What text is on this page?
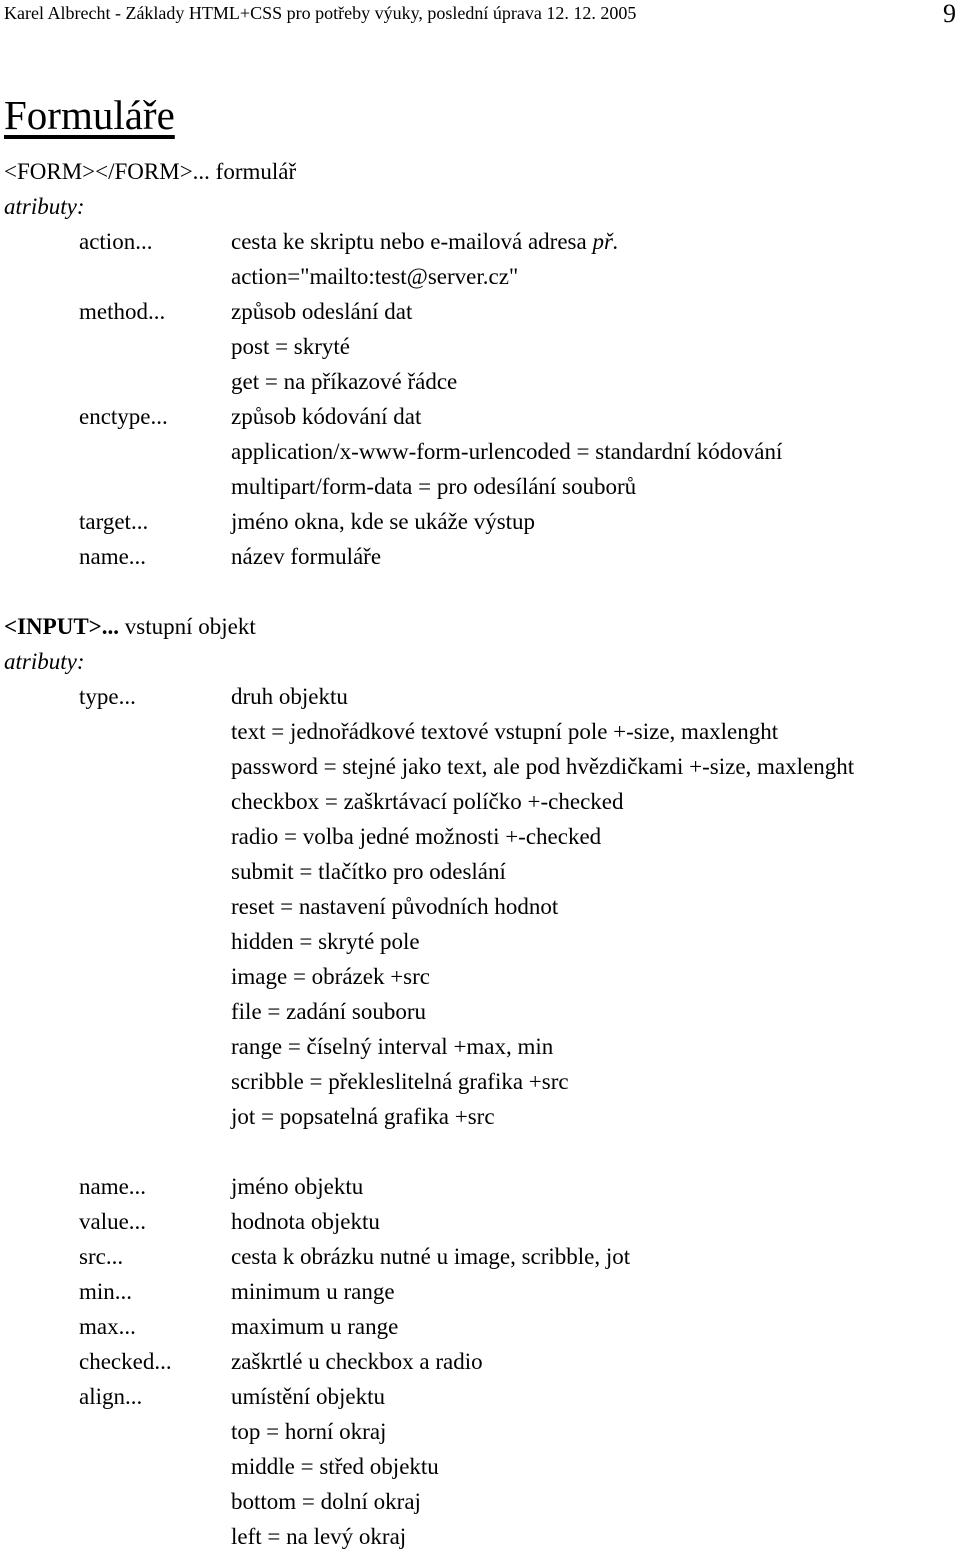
Karel Albrecht - Základy HTML+CSS pro potřeby výuky, poslední úprava 12. 12. 2005	9
Formuláře
<FORM></FORM>... formulář
atributy:
action...	cesta ke skriptu nebo e-mailová adresa př.
action="mailto:test@server.cz"
method...	způsob odeslání dat
post = skryté
get = na příkazové řádce
enctype...	způsob kódování dat
application/x-www-form-urlencoded = standardní kódování
multipart/form-data = pro odesílání souborů
target...	jméno okna, kde se ukáže výstup
name...	název formuláře
<INPUT>... vstupní objekt
atributy:
type...	druh objektu
text = jednořádkové textové vstupní pole +-size, maxlenght
password = stejné jako text, ale pod hvězdičkami +-size, maxlenght
checkbox = zaškrtávací políčko +-checked
radio = volba jedné možnosti +-checked
submit = tlačítko pro odeslání
reset = nastavení původních hodnot
hidden = skryté pole
image = obrázek +src
file = zadání souboru
range = číselný interval +max, min
scribble = překleslitelná grafika +src
jot = popsatelná grafika +src
name...	jméno objektu
value...	hodnota objektu
src...	cesta k obrázku nutné u image, scribble, jot
min...	minimum u range
max...	maximum u range
checked...	zaškrtlé u checkbox a radio
align...	umístění objektu
top = horní okraj
middle = střed objektu
bottom = dolní okraj
left = na levý okraj
